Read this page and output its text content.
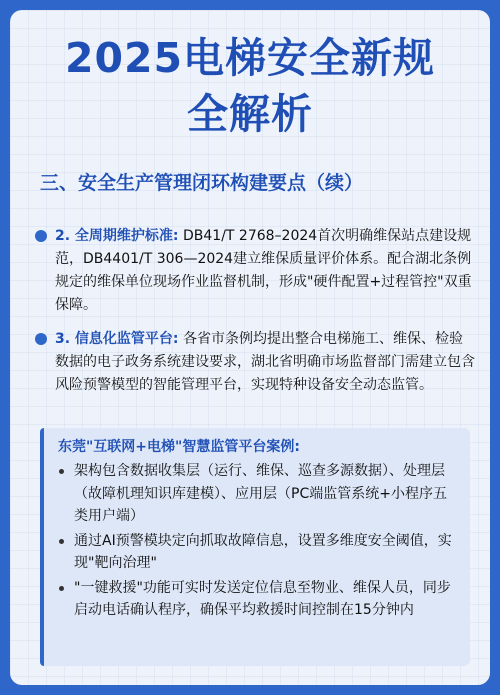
2025电梯安全新规
全解析
三、安全生产管理闭环构建要点（续）
2. 全周期维护标准: DB41/T 2768–2024首次明确维保站点建设规范，DB4401/T 306—2024建立维保质量评价体系。配合湖北条例规定的维保单位现场作业监督机制，形成"硬件配置+过程管控"双重保障。
3. 信息化监管平台: 各省市条例均提出整合电梯施工、维保、检验数据的电子政务系统建设要求，湖北省明确市场监督部门需建立包含风险预警模型的智能管理平台，实现特种设备安全动态监管。
东莞"互联网+电梯"智慧监管平台案例:
架构包含数据收集层（运行、维保、巡查多源数据）、处理层（故障机理知识库建模）、应用层（PC端监管系统+小程序五类用户端）
通过AI预警模块定向抓取故障信息，设置多维度安全阈值，实现"靶向治理"
"一键救援"功能可实时发送定位信息至物业、维保人员，同步启动电话确认程序，确保平均救援时间控制在15分钟内
